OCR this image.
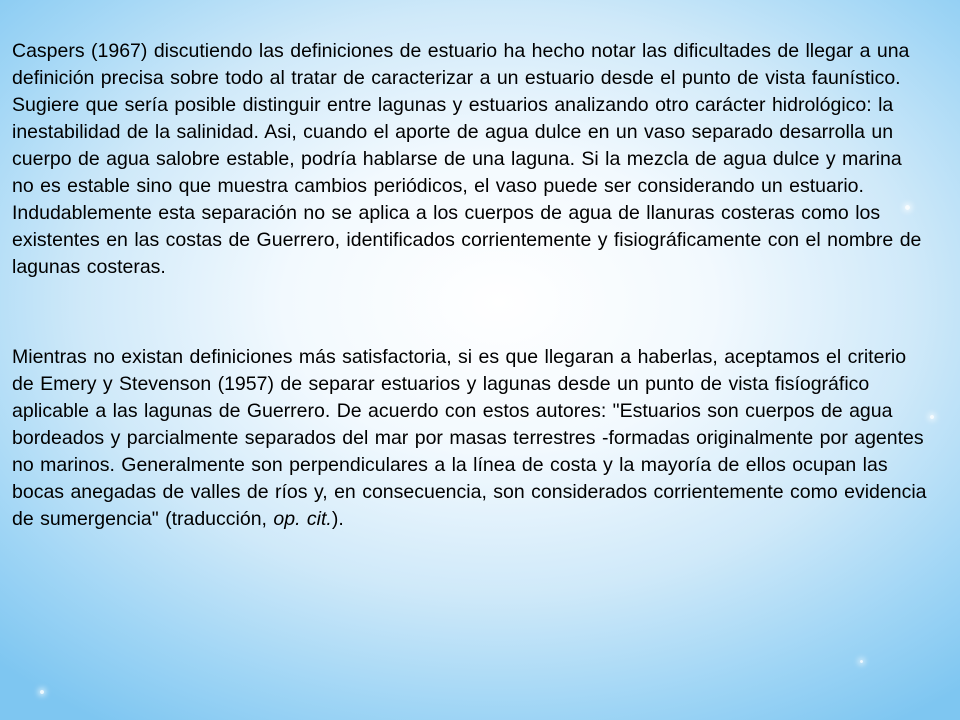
Caspers (1967) discutiendo las definiciones de estuario ha hecho notar las dificultades de llegar a una definición precisa sobre todo al tratar de caracterizar a un estuario desde el punto de vista faunístico. Sugiere que sería posible distinguir entre lagunas y estuarios analizando otro carácter hidrológico: la inestabilidad de la salinidad. Asi, cuando el aporte de agua dulce en un vaso separado desarrolla un cuerpo de agua salobre estable, podría hablarse de una laguna. Si la mezcla de agua dulce y marina no es estable sino que muestra cambios periódicos, el vaso puede ser considerando un estuario. Indudablemente esta separación no se aplica a los cuerpos de agua de llanuras costeras como los existentes en las costas de Guerrero, identificados corrientemente y fisiográficamente con el nombre de lagunas costeras.

Mientras no existan definiciones más satisfactoria, si es que llegaran a haberlas, aceptamos el criterio de Emery y Stevenson (1957) de separar estuarios y lagunas desde un punto de vista fisíográfico aplicable a las lagunas de Guerrero. De acuerdo con estos autores: "Estuarios son cuerpos de agua bordeados y parcialmente separados del mar por masas terrestres -formadas originalmente por agentes no marinos. Generalmente son perpendiculares a la línea de costa y la mayoría de ellos ocupan las bocas anegadas de valles de ríos y, en consecuencia, son considerados corrientemente como evidencia de sumergencia" (traducción, op. cit.).
